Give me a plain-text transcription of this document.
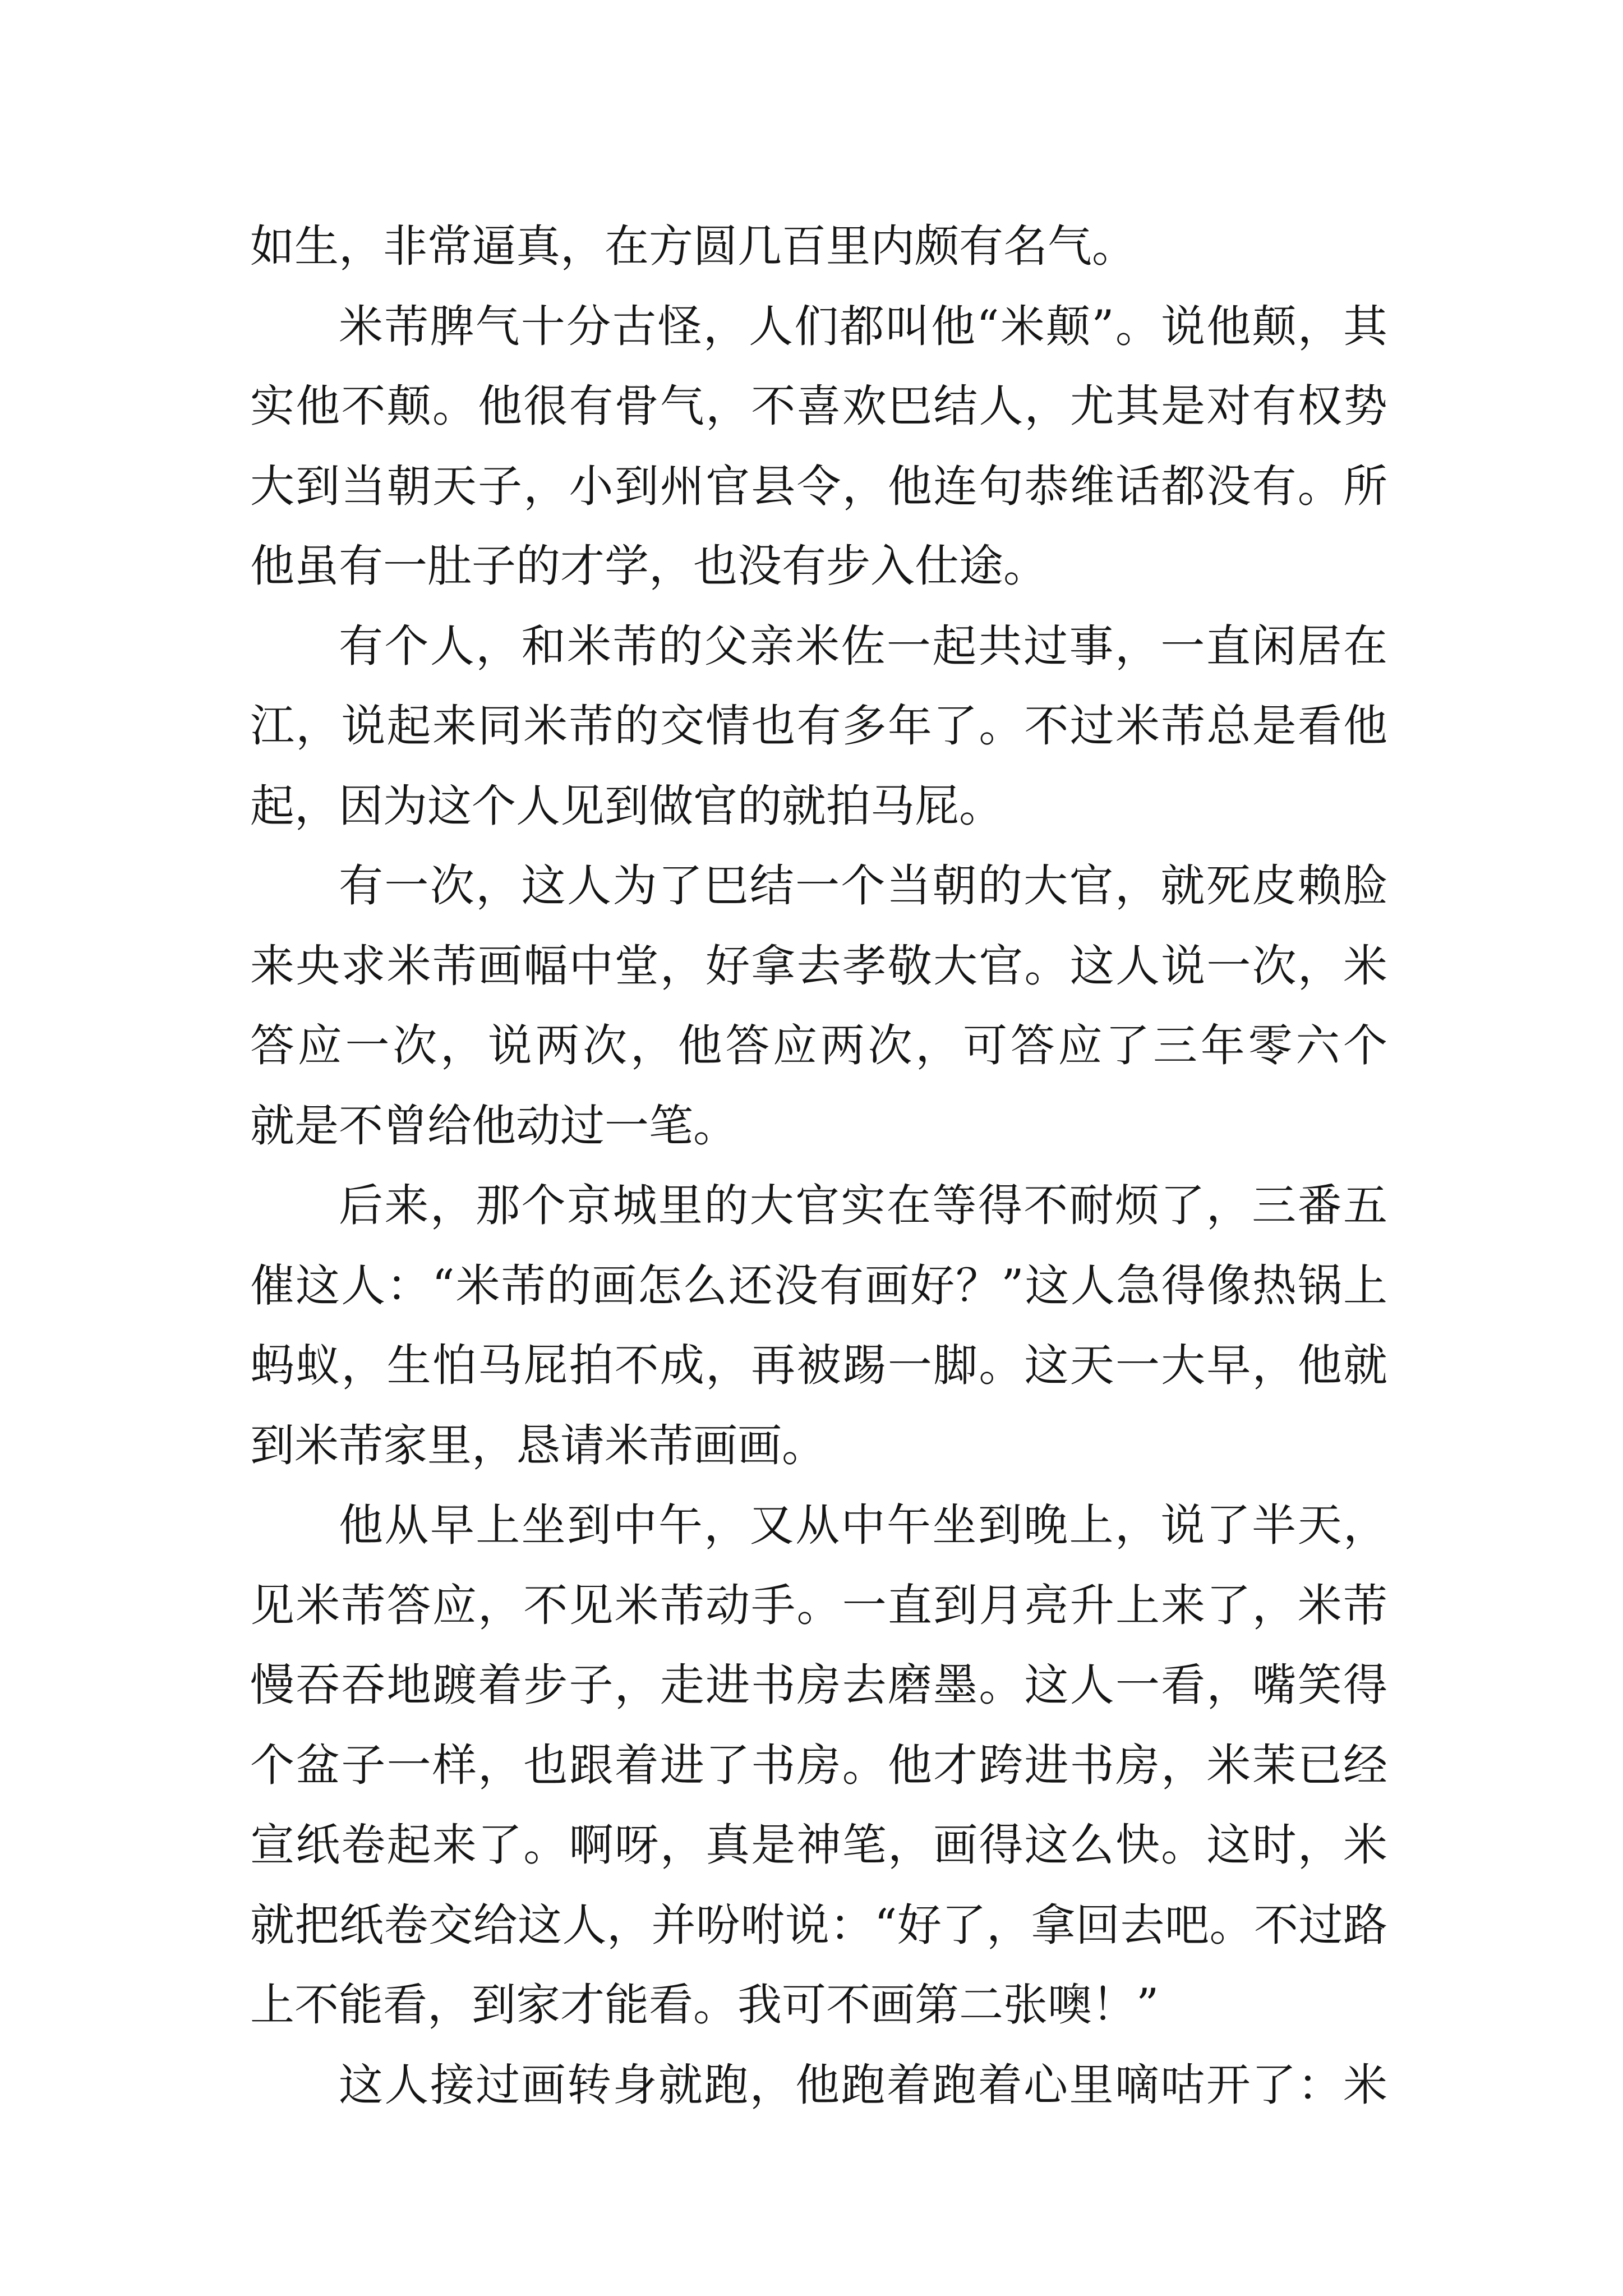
如生，非常逼真，在方圆几百里内颇有名气。
米芾脾气十分古怪，人们都叫他“米颠”。说他颠，其
实他不颠。他很有骨气，不喜欢巴结人，尤其是对有权势
大到当朝天子，小到州官县令，他连句恭维话都没有。所
他虽有一肚子的才学，也没有步入仕途。
有个人，和米芾的父亲米佐一起共过事，一直闲居在
江，说起来同米芾的交情也有多年了。不过米芾总是看他
起，因为这个人见到做官的就拍马屁。
有一次，这人为了巴结一个当朝的大官，就死皮赖脸
来央求米芾画幅中堂，好拿去孝敬大官。这人说一次，米
答应一次，说两次，他答应两次，可答应了三年零六个
就是不曾给他动过一笔。
后来，那个京城里的大官实在等得不耐烦了，三番五
催这人：“米芾的画怎么还没有画好？”这人急得像热锅上
蚂蚁，生怕马屁拍不成，再被踢一脚。这天一大早，他就
到米芾家里，恳请米芾画画。
他从早上坐到中午，又从中午坐到晚上，说了半天，
见米芾答应，不见米芾动手。一直到月亮升上来了，米芾
慢吞吞地踱着步子，走进书房去磨墨。这人一看，嘴笑得
个盆子一样，也跟着进了书房。他才跨进书房，米茉已经
宣纸卷起来了。啊呀，真是神笔，画得这么快。这时，米
就把纸卷交给这人，并吩咐说：“好了，拿回去吧。不过路
上不能看，到家才能看。我可不画第二张噢！”
这人接过画转身就跑，他跑着跑着心里嘀咕开了：米
